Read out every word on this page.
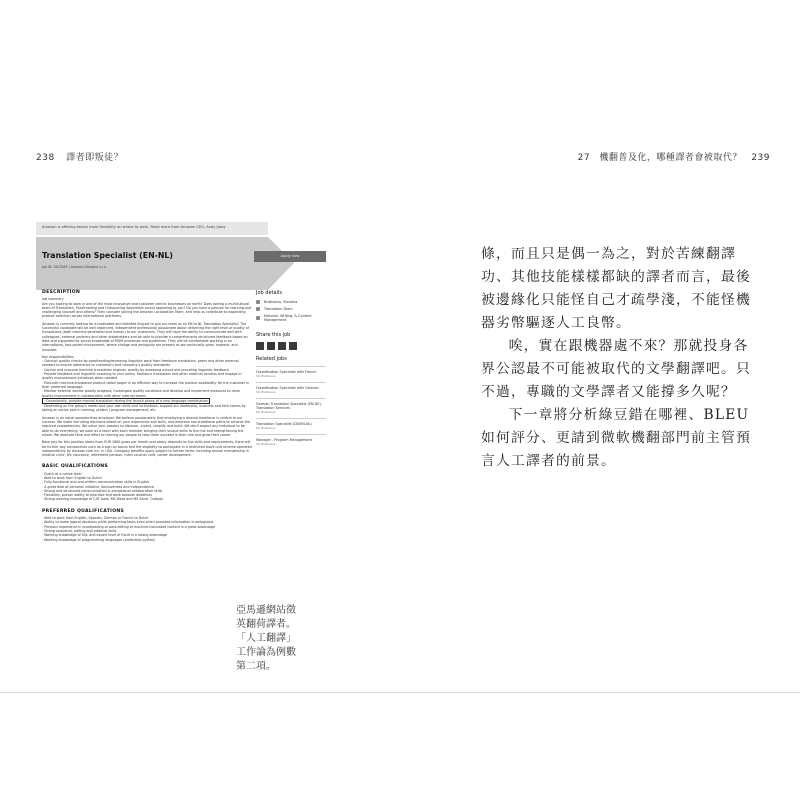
238 譯者即叛徒？	27 機翻普及化，哪種譯者會被取代？ 239
Amazon is offering teams more flexibility on where to work. Read more from Amazon CEO, Andy Jassy
Translation Specialist (EN-NL)
Job ID: 1823065 | Amazon Slovakia s.r.o.
Apply now
DESCRIPTION
Job summary
Are you looking to work in one of the most innovative and customer centric businesses on earth? Does joining a multicultural team of Translation, Proofreading and Outsourcing Specialists sound appealing to you? Do you have a passion for learning and challenging yourself and others? Then consider joining the Amazon Localization Team, and help us contribute to expanding product selection across international platforms.
Amazon is currently looking for a motivated and talented linguist to join our team as an EN to NL Translation Specialist. The successful candidate will be well organized, independent professional passionate about delivering the right level of quality of translations (both machine generated and human) to our customers. They will have the ability to communicate well with colleagues, external partners and other stakeholders and be able to provide a comprehensive structured feedback based on data and supported by sound knowledge of MQM processes and guidelines. They will be comfortable working in an international, fast-paced environment, where change and ambiguity are present as we continually grow, improve, and innovate.
Key responsibilities
· Conduct quality checks by proofreading/reviewing linguistic work from freelance translators, peers and other external vendors to ensure adherence to customer's and company's quality standards
· Control and improve machine translation engines' quality by assessing output and providing linguistic feedback
· Provide feedback and linguistic coaching to your peers, freelance translators and other external vendors and engage in quality improvement initiatives when needed
· Post-edit machine-translated product detail pages in an efficient way to increase the product availability for the customer in their preferred language
· Monitor external vendor quality progress, investigate quality variations and develop and implement measures to drive quality improvement in collaboration with other internal teams
· Occasionally, provide manual translation during the launch phase of a new language combination
· Depending on the group's needs and your own skills and inclinations, support our leadership, business and tech teams by taking an active part in training, project / program management, etc.
Amazon is an equal opportunities employer. We believe passionately that employing a diverse workforce is central to our success. We make recruiting decisions based on your experience and skills, and embrace non-traditional paths to achieve the required competencies. We value your passion to discover, invent, simplify and build. We don't expect any individual to be able to do everything, we work as a team with each member bringing their unique skills to the mix and strengthening the whole. We dedicate time and effort to training our people to help them succeed in their role and grow their career.
Base pay for this position starts from EUR 1800 gross per month and salary depends on the skills and requirements, there will be further pay components such as a sign on bonus and the eligibility to participate in a restricted stock unit scheme operated independently by Amazon.com Inc. in USA. Company benefits apply subject to further terms including annual membership in medical clinic, life insurance, retirement pension, meal voucher card, career development.
BASIC QUALIFICATIONS
· Dutch at a native level
· Able to work from English to Dutch
· Fully-functional oral and written communication skills in English
· A great deal of personal initiative, decisiveness and independence
· Strong and structured communication & exceptional collaboration skills
· Flexibility, proven ability to prioritize and work towards deadlines
· Strong working knowledge of CAT tools, MS Word and MS Excel, Outlook
PREFERRED QUALIFICATIONS
· Able to work from English, Spanish, German or French to Dutch
· Ability to make logical decisions while performing tasks even when provided information is ambiguous
· Previous experience in proofreading or post-editing of machine-translated content is a great advantage
· Strong analytical, editing and editorial skills
· Working knowledge of SQL and expert level of Excel is a strong advantage
· Working knowledge of programming languages (preferably python)
Job details
Bratislava, Slovakia
Translation Team
Editorial, Writing, & Content Management
Share this job
Related jobs
Classification Specialist with French
SK, Bratislava
Classification Specialist with German
SK, Bratislava
German Translation Specialist (EN-DE), Translation Services
SK, Bratislava
Translation Specialist (DE/EN-NL)
SK, Bratislava
Manager - Program Management
SK, Bratislava
亞馬遜網站徵英翻荷譯者。「人工翻譯」工作論為例數第二項。

條，而且只是偶一為之，對於苦練翻譯功、其他技能樣樣都缺的譯者而言，最後被邊緣化只能怪自己才疏學淺，不能怪機器劣幣驅逐人工良幣。

唉，實在跟機器處不來？那就投身各界公認最不可能被取代的文學翻譯吧。只不過，專職的文學譯者又能撐多久呢？

下一章將分析綠豆錯在哪裡、BLEU如何評分、更請到微軟機翻部門前主管預言人工譯者的前景。
